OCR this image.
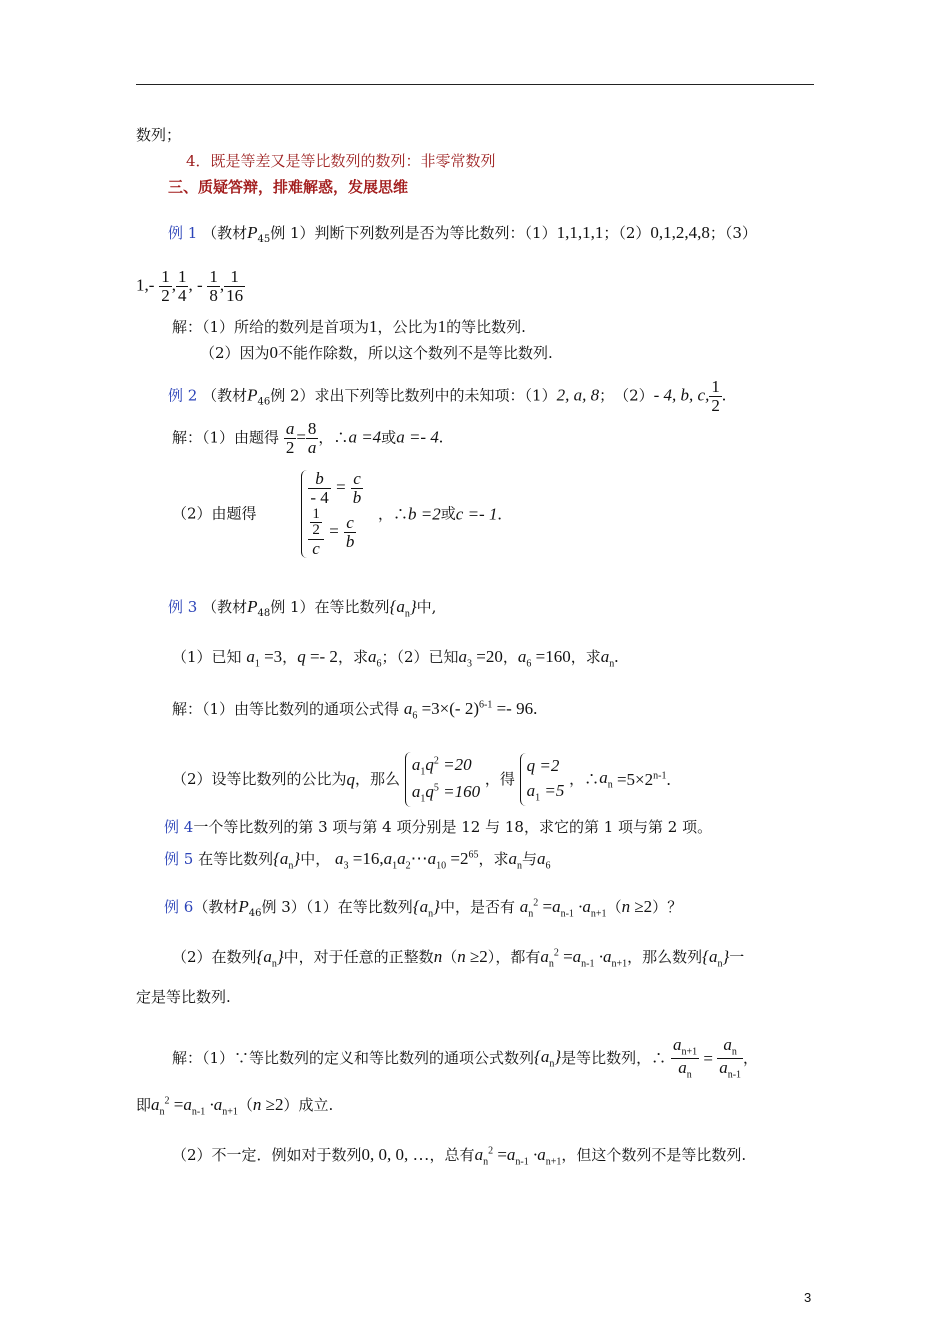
数列；
4．既是等差又是等比数列的数列：非零常数列
三、质疑答辩，排难解惑，发展思维
例 1 （教材$P_{45}$例 1）判断下列数列是否为等比数列：（1）1,1,1,1；（2）0,1,2,4,8；（3）
$1,- \frac{1}{2}$ , $\frac{1}{4}$ , - $\frac{1}{8}$ , $\frac{1}{16}$
解：（1）所给的数列是首项为1，公比为1的等比数列.
（2）因为0不能作除数，所以这个数列不是等比数列.
例 2 （教材$P_{46}$例 2）求出下列等比数列中的未知项：（1）2, a, 8；　（2）- 4, b, c, $\frac{1}{2}$ .
解：（1）由题得 $\frac{a}{2} = \frac{8}{a}$ ，∴a =4或a =- 4.
（2）由题得
$\frac{b}{- 4} = \frac{c}{b}$

$\frac{\frac{1}{2}}{c} = \frac{c}{b}$
，∴b =2或c =- 1.
例 3 （教材$P_{48}$例 1）在等比数列$\{a_n\}$中,
（1）已知 $a_1 =3$，q =- 2，求$a_6$；（2）已知$a_3 =20$，$a_6 =160$，求$a_n$.
解：（1）由等比数列的通项公式得 $a_6 =3\times(-$ 2)$^{6-1}$ =- 96.
（2）设等比数列的公比为q，那么 $a_1q^2 =20$
$a_1q^5 =160$ ，得 q =2
$a_1 =5$ ，$\therefore a_n =5\times 2^{n-1}$.
例 4一个等比数列的第 3 项与第 4 项分别是 12 与 18，求它的第 1 项与第 2 项。
例 5 在等比数列$\{a_n\}$中， $a_3$ $=16,a_1a_2\cdots a_{10} =2^{65}$，求$a_n$与$a_6$
例 6（教材$P_{46}$例 3）（1）在等比数列$\{a_n\}$中，是否有 $a_n^2 =a_{n-1} \cdot a_{n+1}(n \ge 2)$？
（2）在数列$\{a_n\}$中，对于任意的正整数n（n ≥2），都有$a_n^2 =a_{n-1} \cdot a_{n+1}$，那么数列$\{a_n\}$一
定是等比数列.
解：（1）∵等比数列的定义和等比数列的通项公式数列$\{a_n\}$是等比数列，∴ $\frac{a_{n+1}}{a_n} = \frac{a_n}{a_{n-1}}$ ，
即$a_n^2 =a_{n-1} \cdot a_{n+1}(n \ge 2)$成立.
（2）不一定．例如对于数列0, 0, 0, …，总有$a_n^2 =a_{n-1} \cdot a_{n+1}$，但这个数列不是等比数列.
3
